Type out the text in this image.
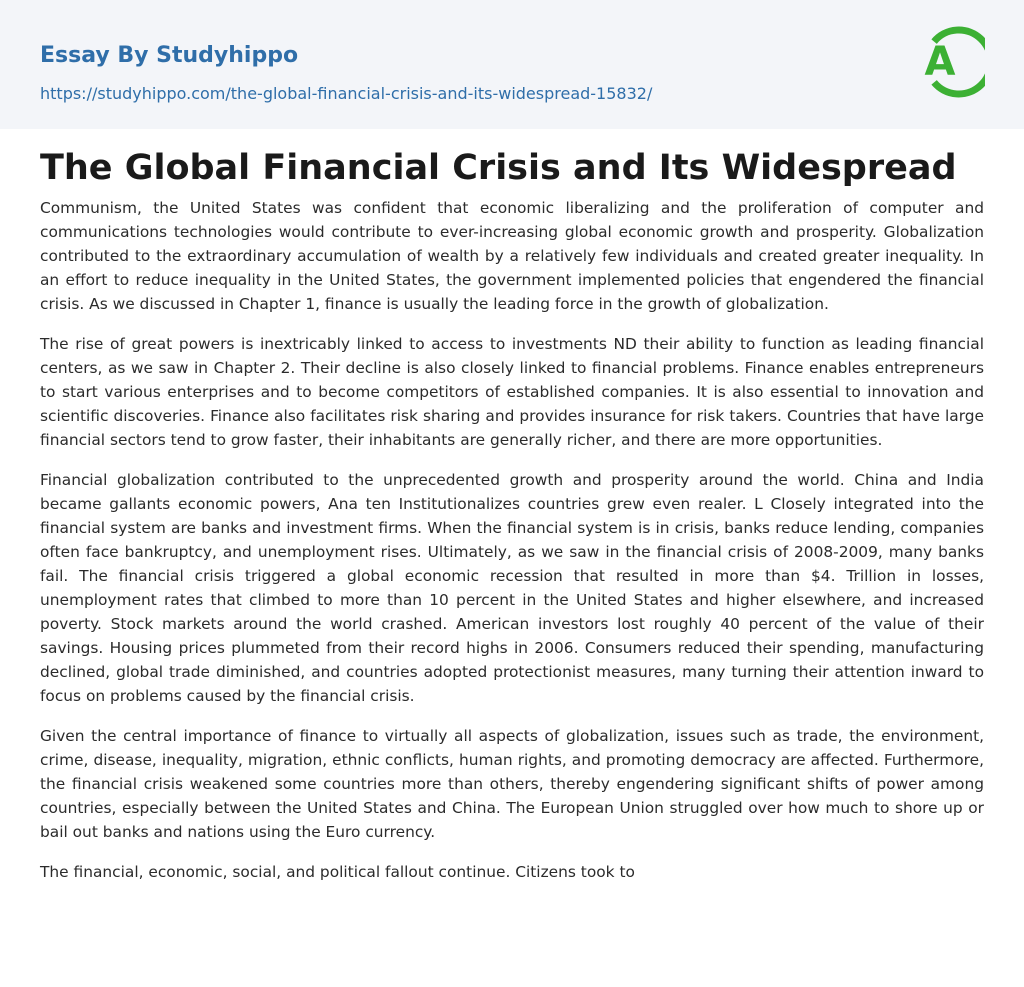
Essay By Studyhippo
https://studyhippo.com/the-global-financial-crisis-and-its-widespread-15832/
A
The Global Financial Crisis and Its Widespread

Communism, the United States was confident that economic liberalizing and the proliferation of computer and communications technologies would contribute to ever-increasing global economic growth and prosperity. Globalization contributed to the extraordinary accumulation of wealth by a relatively few individuals and created greater inequality. In an effort to reduce inequality in the United States, the government implemented policies that engendered the financial crisis. As we discussed in Chapter 1, finance is usually the leading force in the growth of globalization.

The rise of great powers is inextricably linked to access to investments ND their ability to function as leading financial centers, as we saw in Chapter 2. Their decline is also closely linked to financial problems. Finance enables entrepreneurs to start various enterprises and to become competitors of established companies. It is also essential to innovation and scientific discoveries. Finance also facilitates risk sharing and provides insurance for risk takers. Countries that have large financial sectors tend to grow faster, their inhabitants are generally richer, and there are more opportunities.

Financial globalization contributed to the unprecedented growth and prosperity around the world. China and India became gallants economic powers, Ana ten Institutionalizes countries grew even realer. L Closely integrated into the financial system are banks and investment firms. When the financial system is in crisis, banks reduce lending, companies often face bankruptcy, and unemployment rises. Ultimately, as we saw in the financial crisis of 2008-2009, many banks fail. The financial crisis triggered a global economic recession that resulted in more than $4. Trillion in losses, unemployment rates that climbed to more than 10 percent in the United States and higher elsewhere, and increased poverty. Stock markets around the world crashed. American investors lost roughly 40 percent of the value of their savings. Housing prices plummeted from their record highs in 2006. Consumers reduced their spending, manufacturing declined, global trade diminished, and countries adopted protectionist measures, many turning their attention inward to focus on problems caused by the financial crisis.

Given the central importance of finance to virtually all aspects of globalization, issues such as trade, the environment, crime, disease, inequality, migration, ethnic conflicts, human rights, and promoting democracy are affected. Furthermore, the financial crisis weakened some countries more than others, thereby engendering significant shifts of power among countries, especially between the United States and China. The European Union struggled over how much to shore up or bail out banks and nations using the Euro currency.

The financial, economic, social, and political fallout continue. Citizens took to
